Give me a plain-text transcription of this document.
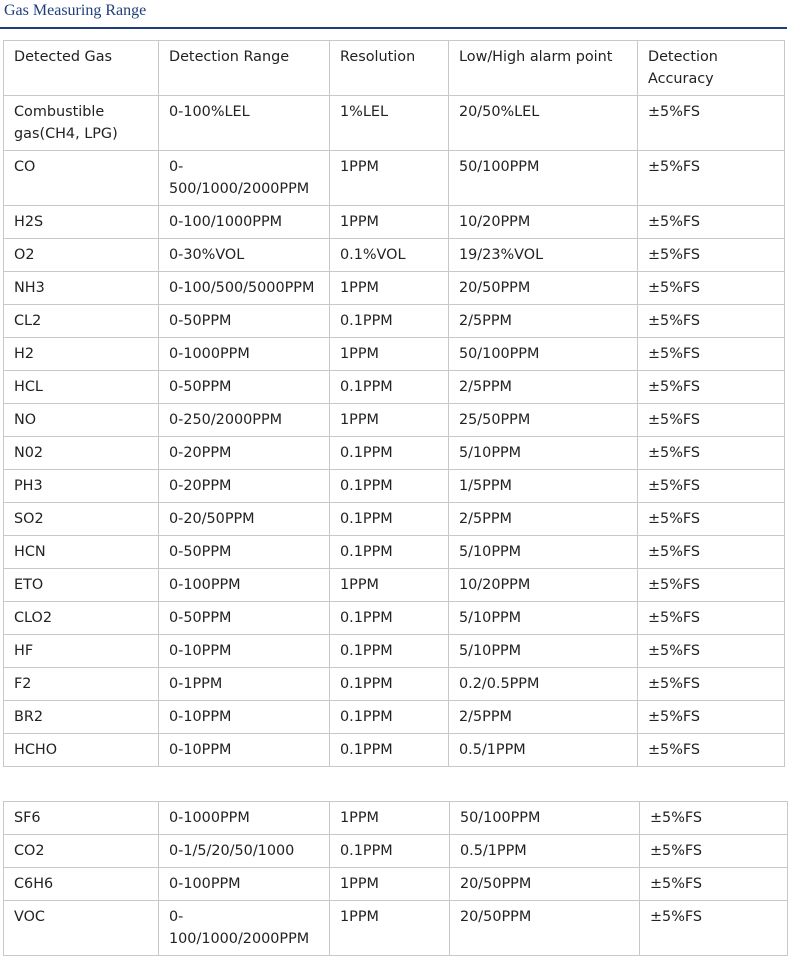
Gas Measuring Range
Detected Gas	Detection Range	Resolution	Low/High alarm point	Detection Accuracy
Combustible gas(CH4, LPG)	0-100%LEL	1%LEL	20/50%LEL	±5%FS
CO	0-500/1000/2000PPM	1PPM	50/100PPM	±5%FS
H2S	0-100/1000PPM	1PPM	10/20PPM	±5%FS
O2	0-30%VOL	0.1%VOL	19/23%VOL	±5%FS
NH3	0-100/500/5000PPM	1PPM	20/50PPM	±5%FS
CL2	0-50PPM	0.1PPM	2/5PPM	±5%FS
H2	0-1000PPM	1PPM	50/100PPM	±5%FS
HCL	0-50PPM	0.1PPM	2/5PPM	±5%FS
NO	0-250/2000PPM	1PPM	25/50PPM	±5%FS
N02	0-20PPM	0.1PPM	5/10PPM	±5%FS
PH3	0-20PPM	0.1PPM	1/5PPM	±5%FS
SO2	0-20/50PPM	0.1PPM	2/5PPM	±5%FS
HCN	0-50PPM	0.1PPM	5/10PPM	±5%FS
ETO	0-100PPM	1PPM	10/20PPM	±5%FS
CLO2	0-50PPM	0.1PPM	5/10PPM	±5%FS
HF	0-10PPM	0.1PPM	5/10PPM	±5%FS
F2	0-1PPM	0.1PPM	0.2/0.5PPM	±5%FS
BR2	0-10PPM	0.1PPM	2/5PPM	±5%FS
HCHO	0-10PPM	0.1PPM	0.5/1PPM	±5%FS
SF6	0-1000PPM	1PPM	50/100PPM	±5%FS
CO2	0-1/5/20/50/1000	0.1PPM	0.5/1PPM	±5%FS
C6H6	0-100PPM	1PPM	20/50PPM	±5%FS
VOC	0-100/1000/2000PPM	1PPM	20/50PPM	±5%FS
